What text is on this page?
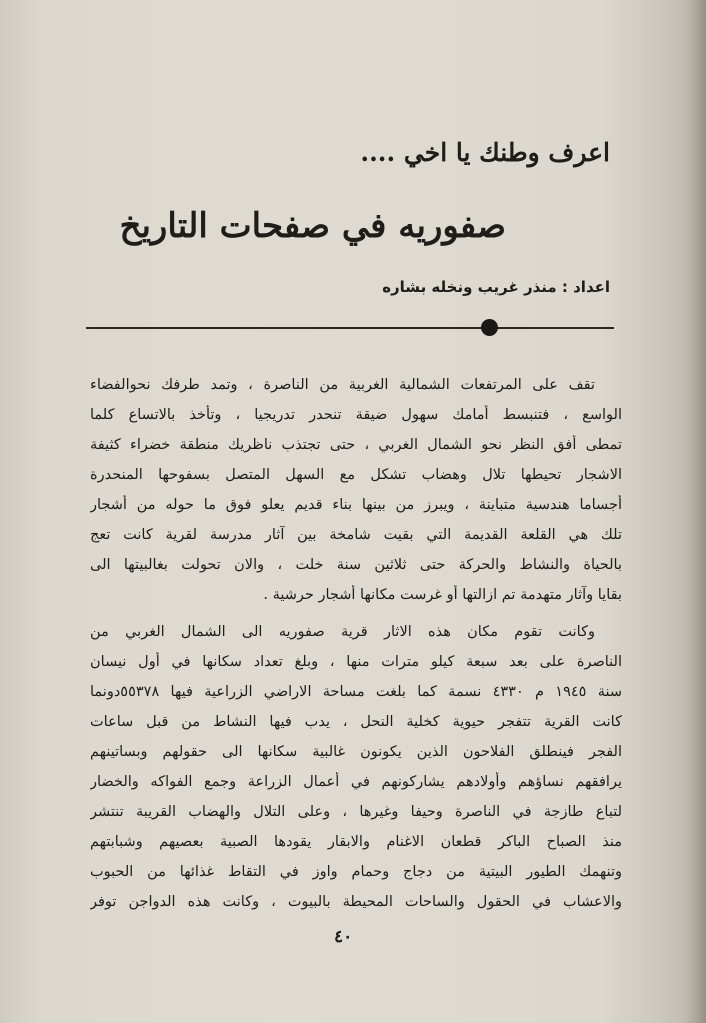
اعرف وطنك يا اخي ....
صفوريه في صفحات التاريخ
اعداد : منذر غريب ونخله بشاره
تقف على المرتفعات الشمالية الغربية من الناصرة ، وتمد طرفك نحوالفضاء
الواسع ، فتنبسط أمامك سهول ضيقة تنحدر تدريجيا ، وتأخذ بالاتساع كلما
تمطى أفق النظر نحو الشمال الغربي ، حتى تجتذب ناظريك منطقة خضراء كثيفة
الاشجار تحيطها تلال وهضاب تشكل مع السهل المتصل بسفوحها المنحدرة
أجساما هندسية متباينة ، ويبرز من بينها بناء قديم يعلو فوق ما حوله من أشجار
تلك هي القلعة القديمة التي بقيت شامخة بين آثار مدرسة لقرية كانت تعج
بالحياة والنشاط والحركة حتى ثلاثين سنة خلت ، والان تحولت بغالبيتها الى
بقايا وآثار متهدمة تم ازالتها أو غرست مكانها أشجار حرشية .
وكانت تقوم مكان هذه الاثار قرية صفوريه الى الشمال الغربي من
الناصرة على بعد سبعة كيلو مترات منها ، وبلغ تعداد سكانها في أول نيسان
سنة ١٩٤٥ م ٤٣٣٠ نسمة كما بلغت مساحة الاراضي الزراعية فيها ٥٥٣٧٨دونما
كانت القرية تتفجر حيوية كخلية النحل ، يدب فيها النشاط من قبل ساعات
الفجر فينطلق الفلاحون الذين يكونون غالبية سكانها الى حقولهم وبساتينهم
يرافقهم نساؤهم وأولادهم يشاركونهم في أعمال الزراعة وجمع الفواكه والخضار
لتباع طازجة في الناصرة وحيفا وغيرها ، وعلى التلال والهضاب القريبة تنتشر
منذ الصباح الباكر قطعان الاغنام والابقار يقودها الصبية بعصيهم وشبابتهم
وتنهمك الطيور البيتية من دجاج وحمام واوز في التقاط غذائها من الحبوب
والاعشاب في الحقول والساحات المحيطة بالبيوت ، وكانت هذه الدواجن توفر
٤٠
